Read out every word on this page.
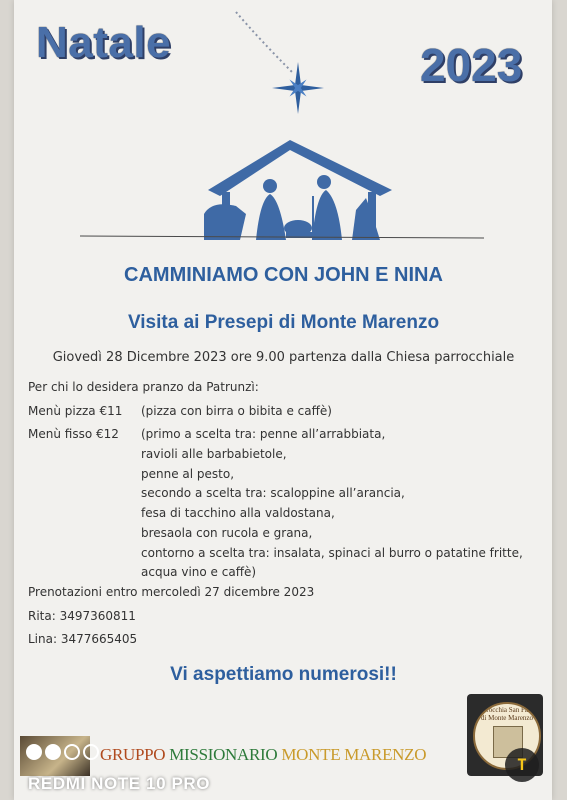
Natale	2023
CAMMINIAMO CON JOHN E NINA
Visita ai Presepi di Monte Marenzo
Giovedì 28 Dicembre 2023 ore 9.00 partenza dalla Chiesa parrocchiale
Per chi lo desidera pranzo da Patrunzì:
Menù pizza €11 (pizza con birra o bibita e caffè)
Menù fisso €12 (primo a scelta tra: penne all’arrabbiata,
ravioli alle barbabietole,
penne al pesto,
secondo a scelta tra: scaloppine all’arancia,
fesa di tacchino alla valdostana,
bresaola con rucola e grana,
contorno a scelta tra: insalata, spinaci al burro o patatine fritte,
acqua vino e caffè)
Prenotazioni entro mercoledì 27 dicembre 2023
Rita: 3497360811
Lina: 3477665405
Vi aspettiamo numerosi!!
GRUPPO MISSIONARIO MONTE MARENZO
Parrocchia San Paolo di Monte Marenzo
REDMI NOTE 10 PRO
T
